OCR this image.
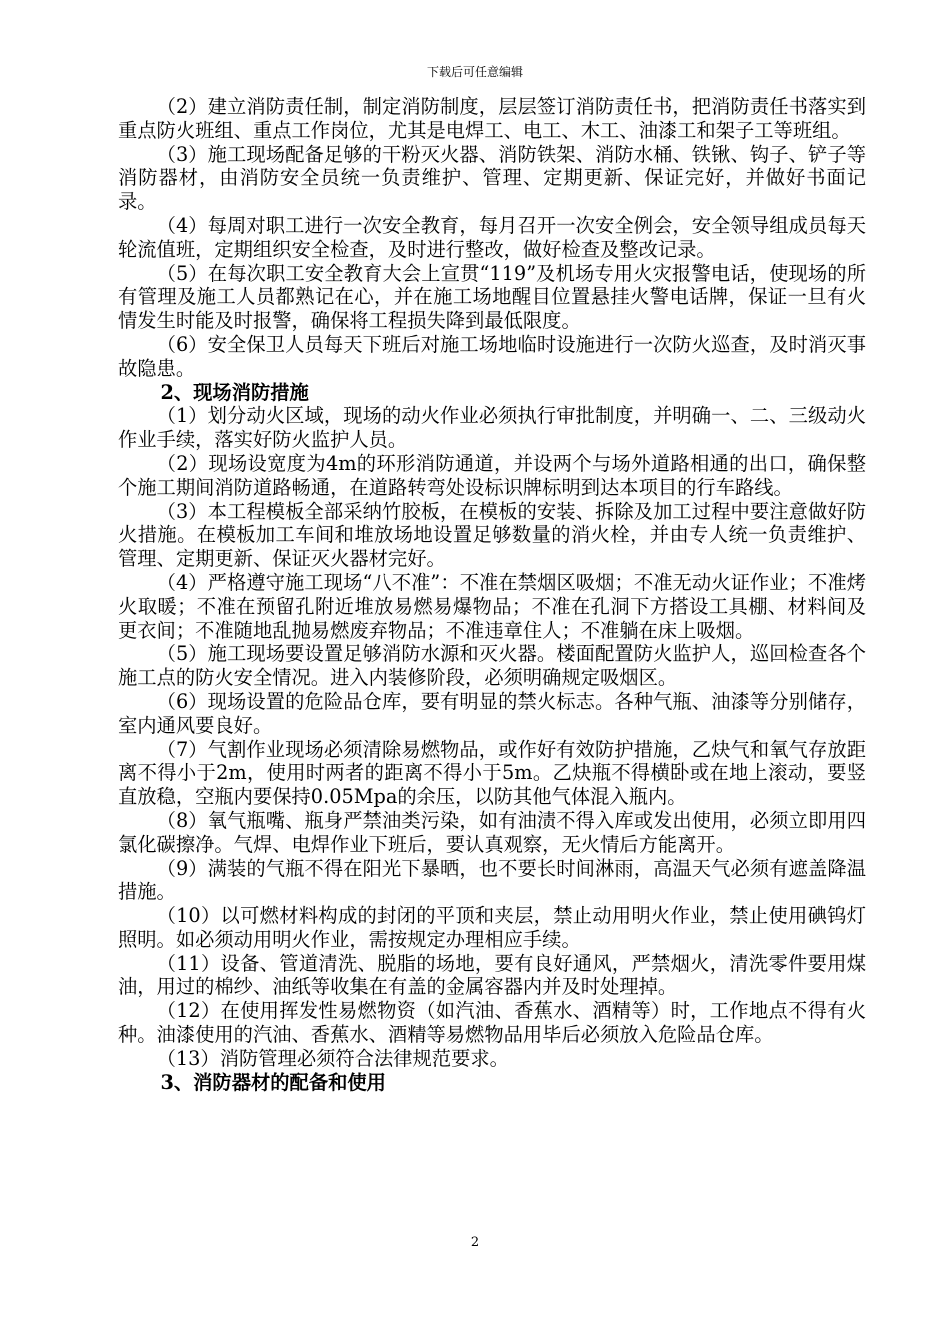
下载后可任意编辑

（2）建立消防责任制，制定消防制度，层层签订消防责任书，把消防责任书落实到重点防火班组、重点工作岗位，尤其是电焊工、电工、木工、油漆工和架子工等班组。

（3）施工现场配备足够的干粉灭火器、消防铁架、消防水桶、铁锹、钩子、铲子等消防器材，由消防安全员统一负责维护、管理、定期更新、保证完好，并做好书面记录。

（4）每周对职工进行一次安全教育，每月召开一次安全例会，安全领导组成员每天轮流值班，定期组织安全检查，及时进行整改，做好检查及整改记录。

（5）在每次职工安全教育大会上宣贯“119”及机场专用火灾报警电话，使现场的所有管理及施工人员都熟记在心，并在施工场地醒目位置悬挂火警电话牌，保证一旦有火情发生时能及时报警，确保将工程损失降到最低限度。

（6）安全保卫人员每天下班后对施工场地临时设施进行一次防火巡查，及时消灭事故隐患。

2、现场消防措施

（1）划分动火区域，现场的动火作业必须执行审批制度，并明确一、二、三级动火作业手续，落实好防火监护人员。

（2）现场设宽度为4m的环形消防通道，并设两个与场外道路相通的出口，确保整个施工期间消防道路畅通，在道路转弯处设标识牌标明到达本项目的行车路线。

（3）本工程模板全部采纳竹胶板，在模板的安装、拆除及加工过程中要注意做好防火措施。在模板加工车间和堆放场地设置足够数量的消火栓，并由专人统一负责维护、管理、定期更新、保证灭火器材完好。

（4）严格遵守施工现场“八不准”：不准在禁烟区吸烟；不准无动火证作业；不准烤火取暖；不准在预留孔附近堆放易燃易爆物品；不准在孔洞下方搭设工具棚、材料间及更衣间；不准随地乱抛易燃废弃物品；不准违章住人；不准躺在床上吸烟。

（5）施工现场要设置足够消防水源和灭火器。楼面配置防火监护人，巡回检查各个施工点的防火安全情况。进入内装修阶段，必须明确规定吸烟区。

（6）现场设置的危险品仓库，要有明显的禁火标志。各种气瓶、油漆等分别储存，室内通风要良好。

（7）气割作业现场必须清除易燃物品，或作好有效防护措施，乙炔气和氧气存放距离不得小于2m，使用时两者的距离不得小于5m。乙炔瓶不得横卧或在地上滚动，要竖直放稳，空瓶内要保持0.05Mpa的余压，以防其他气体混入瓶内。

（8）氧气瓶嘴、瓶身严禁油类污染，如有油渍不得入库或发出使用，必须立即用四氯化碳擦净。气焊、电焊作业下班后，要认真观察，无火情后方能离开。

（9）满装的气瓶不得在阳光下暴晒，也不要长时间淋雨，高温天气必须有遮盖降温措施。

（10）以可燃材料构成的封闭的平顶和夹层，禁止动用明火作业，禁止使用碘钨灯照明。如必须动用明火作业，需按规定办理相应手续。

（11）设备、管道清洗、脱脂的场地，要有良好通风，严禁烟火，清洗零件要用煤油，用过的棉纱、油纸等收集在有盖的金属容器内并及时处理掉。

（12）在使用挥发性易燃物资（如汽油、香蕉水、酒精等）时，工作地点不得有火种。油漆使用的汽油、香蕉水、酒精等易燃物品用毕后必须放入危险品仓库。

（13）消防管理必须符合法律规范要求。

3、消防器材的配备和使用
2
